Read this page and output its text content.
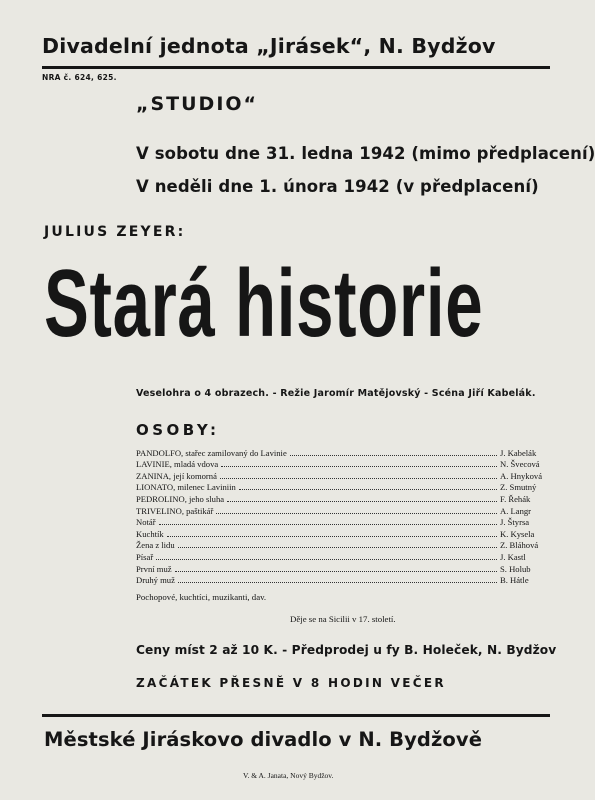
Divadelní jednota „Jirásek“, N. Bydžov
NRA č. 624, 625.
„STUDIO“
V sobotu dne 31. ledna 1942 (mimo předplacení)
V neděli dne 1. února 1942 (v předplacení)
JULIUS ZEYER:
Stará historie
Veselohra o 4 obrazech. - Režie Jaromír Matějovský - Scéna Jiří Kabelák.
OSOBY:
PANDOLFO, stařec zamilovaný do Lavinie	J. Kabelák
LAVINIE, mladá vdova	N. Švecová
ZANINA, její komorná	A. Hnyková
LIONATO, milenec Laviniin	Z. Smutný
PEDROLINO, jeho sluha	F. Řehák
TRIVELINO, paštikář	A. Langr
Notář	J. Štyrsa
Kuchtík	K. Kysela
Žena z lidu	Z. Bláhová
Písař	J. Kastl
První muž	S. Holub
Druhý muž	B. Hátle
Pochopové, kuchtíci, muzikanti, dav.
Děje se na Sicilii v 17. století.
Ceny míst 2 až 10 K. - Předprodej u fy B. Holeček, N. Bydžov
ZAČÁTEK PŘESNĚ V 8 HODIN VEČER
Městské Jiráskovo divadlo v N. Bydžově
V. & A. Janata, Nový Bydžov.
